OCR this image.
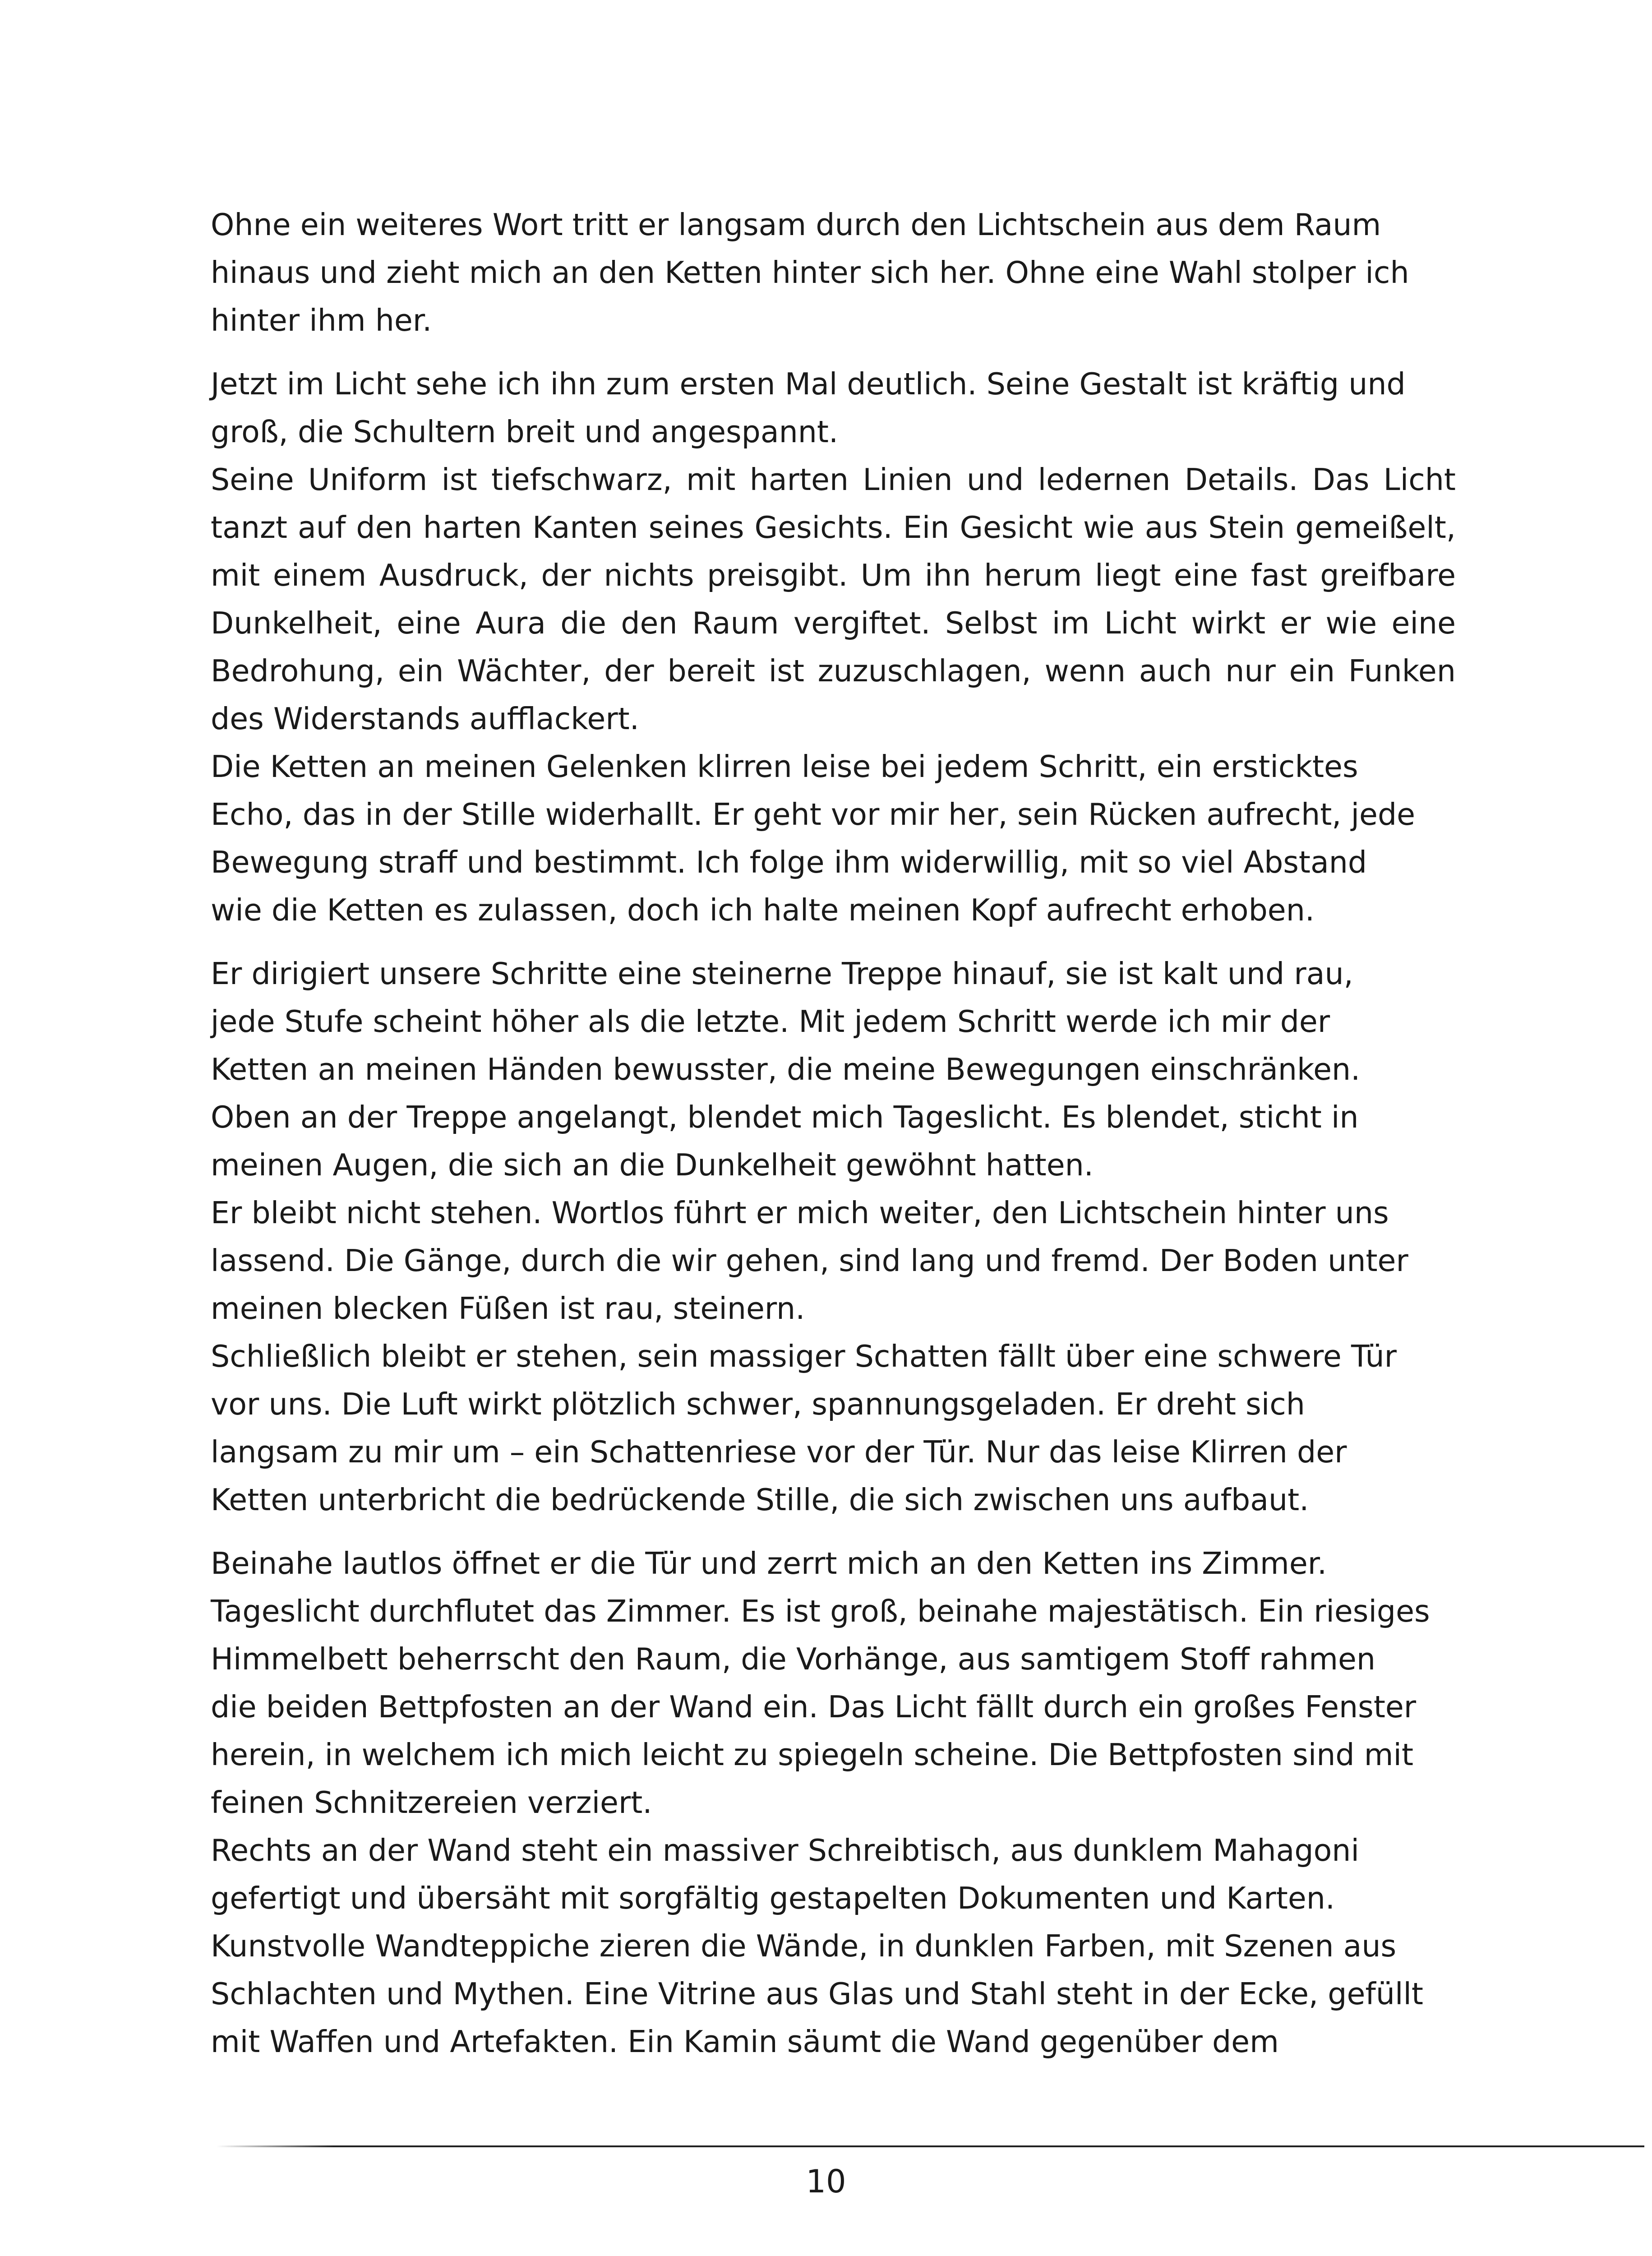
Ohne ein weiteres Wort tritt er langsam durch den Lichtschein aus dem Raum
hinaus und zieht mich an den Ketten hinter sich her. Ohne eine Wahl stolper ich
hinter ihm her.

Jetzt im Licht sehe ich ihn zum ersten Mal deutlich. Seine Gestalt ist kräftig und
groß, die Schultern breit und angespannt.
Seine Uniform ist tiefschwarz, mit harten Linien und ledernen Details. Das Licht
tanzt auf den harten Kanten seines Gesichts. Ein Gesicht wie aus Stein gemeißelt,
mit einem Ausdruck, der nichts preisgibt. Um ihn herum liegt eine fast greifbare
Dunkelheit, eine Aura die den Raum vergiftet. Selbst im Licht wirkt er wie eine
Bedrohung, ein Wächter, der bereit ist zuzuschlagen, wenn auch nur ein Funken
des Widerstands aufflackert.
Die Ketten an meinen Gelenken klirren leise bei jedem Schritt, ein ersticktes
Echo, das in der Stille widerhallt. Er geht vor mir her, sein Rücken aufrecht, jede
Bewegung straff und bestimmt. Ich folge ihm widerwillig, mit so viel Abstand
wie die Ketten es zulassen, doch ich halte meinen Kopf aufrecht erhoben.

Er dirigiert unsere Schritte eine steinerne Treppe hinauf, sie ist kalt und rau,
jede Stufe scheint höher als die letzte. Mit jedem Schritt werde ich mir der
Ketten an meinen Händen bewusster, die meine Bewegungen einschränken.
Oben an der Treppe angelangt, blendet mich Tageslicht. Es blendet, sticht in
meinen Augen, die sich an die Dunkelheit gewöhnt hatten.
Er bleibt nicht stehen. Wortlos führt er mich weiter, den Lichtschein hinter uns
lassend. Die Gänge, durch die wir gehen, sind lang und fremd. Der Boden unter
meinen blecken Füßen ist rau, steinern.
Schließlich bleibt er stehen, sein massiger Schatten fällt über eine schwere Tür
vor uns. Die Luft wirkt plötzlich schwer, spannungsgeladen. Er dreht sich
langsam zu mir um – ein Schattenriese vor der Tür. Nur das leise Klirren der
Ketten unterbricht die bedrückende Stille, die sich zwischen uns aufbaut.

Beinahe lautlos öffnet er die Tür und zerrt mich an den Ketten ins Zimmer.
Tageslicht durchflutet das Zimmer. Es ist groß, beinahe majestätisch. Ein riesiges
Himmelbett beherrscht den Raum, die Vorhänge, aus samtigem Stoff rahmen
die beiden Bettpfosten an der Wand ein. Das Licht fällt durch ein großes Fenster
herein, in welchem ich mich leicht zu spiegeln scheine. Die Bettpfosten sind mit
feinen Schnitzereien verziert.
Rechts an der Wand steht ein massiver Schreibtisch, aus dunklem Mahagoni
gefertigt und übersäht mit sorgfältig gestapelten Dokumenten und Karten.
Kunstvolle Wandteppiche zieren die Wände, in dunklen Farben, mit Szenen aus
Schlachten und Mythen. Eine Vitrine aus Glas und Stahl steht in der Ecke, gefüllt
mit Waffen und Artefakten. Ein Kamin säumt die Wand gegenüber dem

10
